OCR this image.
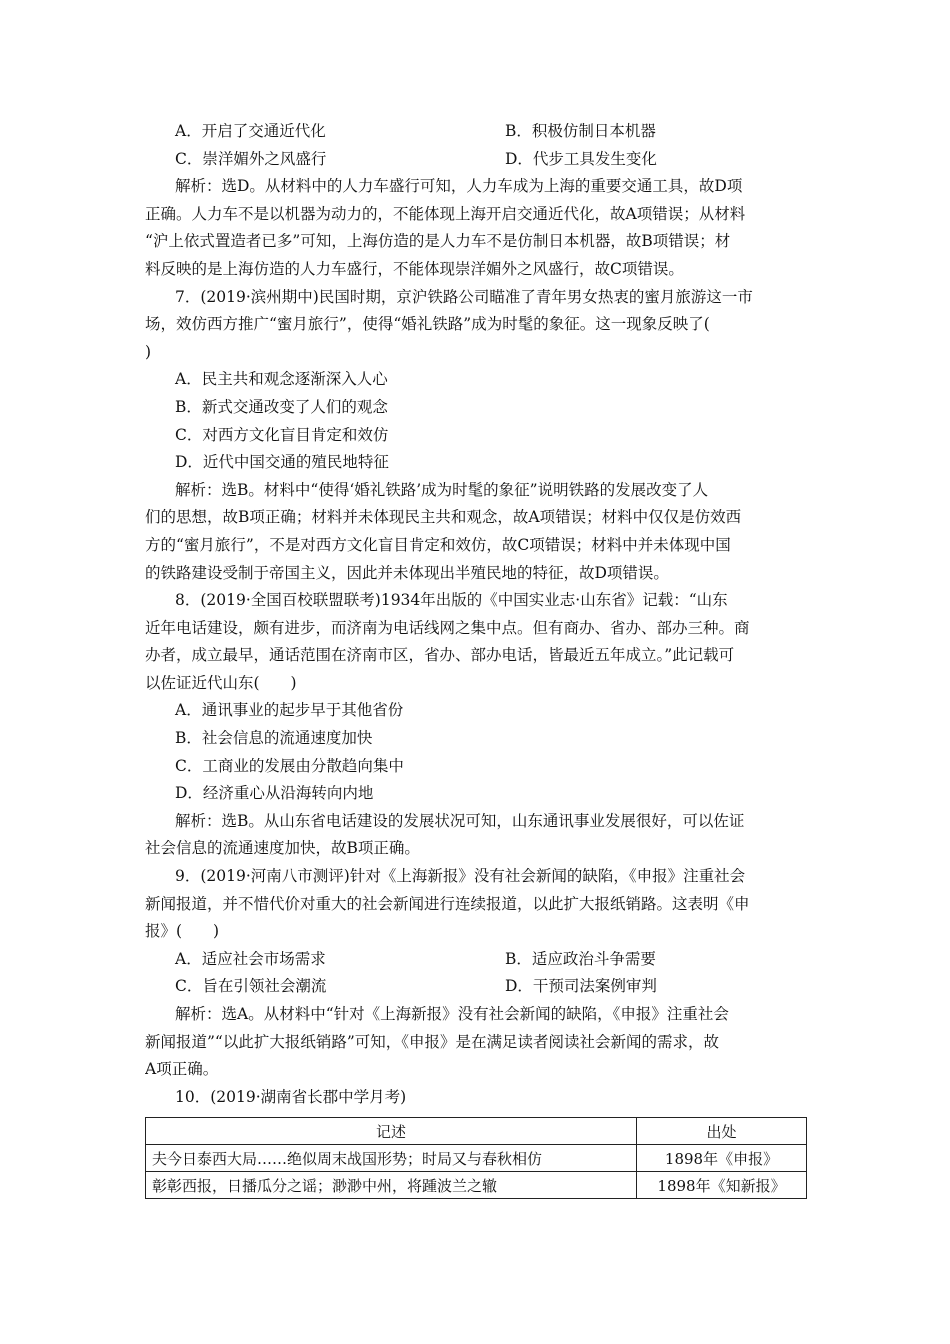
A．开启了交通近代化	B．积极仿制日本机器
C．崇洋媚外之风盛行	D．代步工具发生变化
解析：选D。从材料中的人力车盛行可知，人力车成为上海的重要交通工具，故D项
正确。人力车不是以机器为动力的，不能体现上海开启交通近代化，故A项错误；从材料
“沪上依式置造者已多”可知，上海仿造的是人力车不是仿制日本机器，故B项错误；材
料反映的是上海仿造的人力车盛行，不能体现崇洋媚外之风盛行，故C项错误。
7．(2019·滨州期中)民国时期，京沪铁路公司瞄准了青年男女热衷的蜜月旅游这一市
场，效仿西方推广“蜜月旅行”，使得“婚礼铁路”成为时髦的象征。这一现象反映了(
)
A．民主共和观念逐渐深入人心
B．新式交通改变了人们的观念
C．对西方文化盲目肯定和效仿
D．近代中国交通的殖民地特征
解析：选B。材料中“使得‘婚礼铁路’成为时髦的象征”说明铁路的发展改变了人
们的思想，故B项正确；材料并未体现民主共和观念，故A项错误；材料中仅仅是仿效西
方的“蜜月旅行”，不是对西方文化盲目肯定和效仿，故C项错误；材料中并未体现中国
的铁路建设受制于帝国主义，因此并未体现出半殖民地的特征，故D项错误。
8．(2019·全国百校联盟联考)1934年出版的《中国实业志·山东省》记载：“山东
近年电话建设，颇有进步，而济南为电话线网之集中点。但有商办、省办、部办三种。商
办者，成立最早，通话范围在济南市区，省办、部办电话，皆最近五年成立。”此记载可
以佐证近代山东(　　)
A．通讯事业的起步早于其他省份
B．社会信息的流通速度加快
C．工商业的发展由分散趋向集中
D．经济重心从沿海转向内地
解析：选B。从山东省电话建设的发展状况可知，山东通讯事业发展很好，可以佐证
社会信息的流通速度加快，故B项正确。
9．(2019·河南八市测评)针对《上海新报》没有社会新闻的缺陷，《申报》注重社会
新闻报道，并不惜代价对重大的社会新闻进行连续报道，以此扩大报纸销路。这表明《申
报》(　　)
A．适应社会市场需求	B．适应政治斗争需要
C．旨在引领社会潮流	D．干预司法案例审判
解析：选A。从材料中“针对《上海新报》没有社会新闻的缺陷，《申报》注重社会
新闻报道”“以此扩大报纸销路”可知，《申报》是在满足读者阅读社会新闻的需求，故
A项正确。
10．(2019·湖南省长郡中学月考)
记述	出处
夫今日泰西大局……绝似周末战国形势；时局又与春秋相仿	1898年《申报》
彰彰西报，日播瓜分之谣；渺渺中州，将踵波兰之辙	1898年《知新报》
